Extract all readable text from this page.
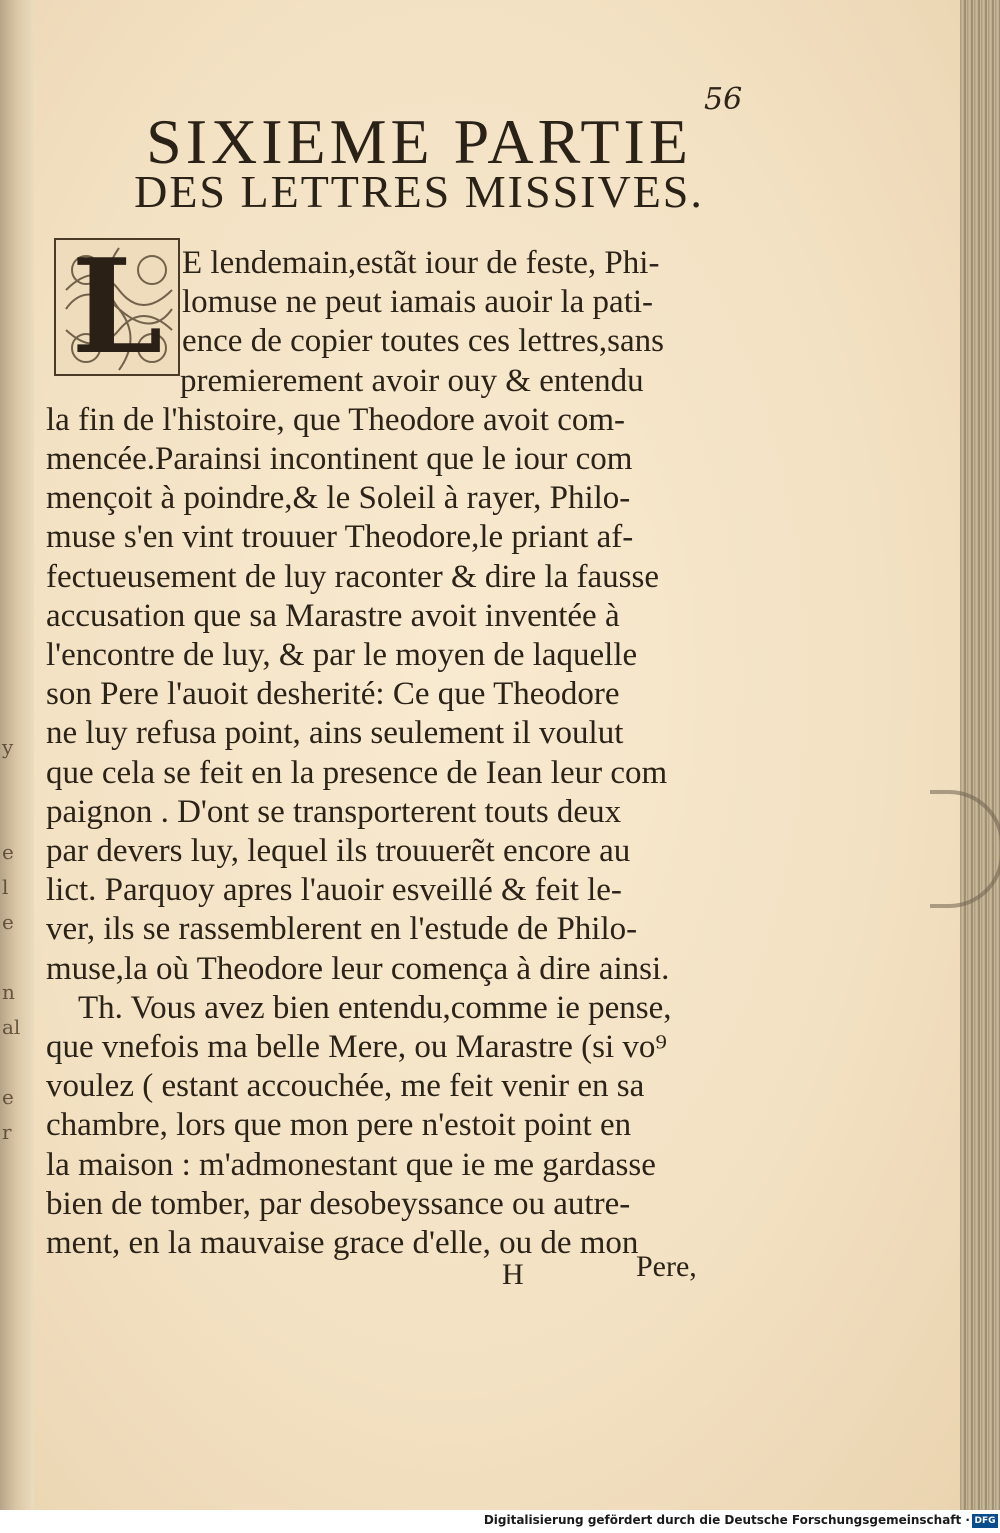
y

e
l
e

n
al

e
r
56
SIXIEME PARTIE
DES LETTRES MISSIVES.
L E lendemain,estãt iour de feste, Phi-
lomuse ne peut iamais auoir la pati-
ence de copier toutes ces lettres,sans
premierement avoir ouy & entendu
la fin de l'histoire, que Theodore avoit com-
mencée.Parainsi incontinent que le iour com
mençoit à poindre,& le Soleil à rayer, Philo-
muse s'en vint trouuer Theodore,le priant af-
fectueusement de luy raconter & dire la fausse
accusation que sa Marastre avoit inventée à
l'encontre de luy, & par le moyen de laquelle
son Pere l'auoit desherité: Ce que Theodore
ne luy refusa point, ains seulement il voulut
que cela se feit en la presence de Iean leur com
paignon . D'ont se transporterent touts deux
par devers luy, lequel ils trouuerẽt encore au
lict. Parquoy apres l'auoir esveillé & feit le-
ver, ils se rassemblerent en l'estude de Philo-
muse,la où Theodore leur començа à dire ainsi.
Th. Vous avez bien entendu,comme ie pense,
que vnefois ma belle Mere, ou Marastre (si vo⁹
voulez ( estant accouchée, me feit venir en sa
chambre, lors que mon pere n'estoit point en
la maison : m'admonestant que ie me gardasse
bien de tomber, par desobeyssance ou autre-
ment, en la mauvaise grace d'elle, ou de mon
H	Pere,
Digitalisierung gefördert durch die Deutsche Forschungsgemeinschaft · DFG
